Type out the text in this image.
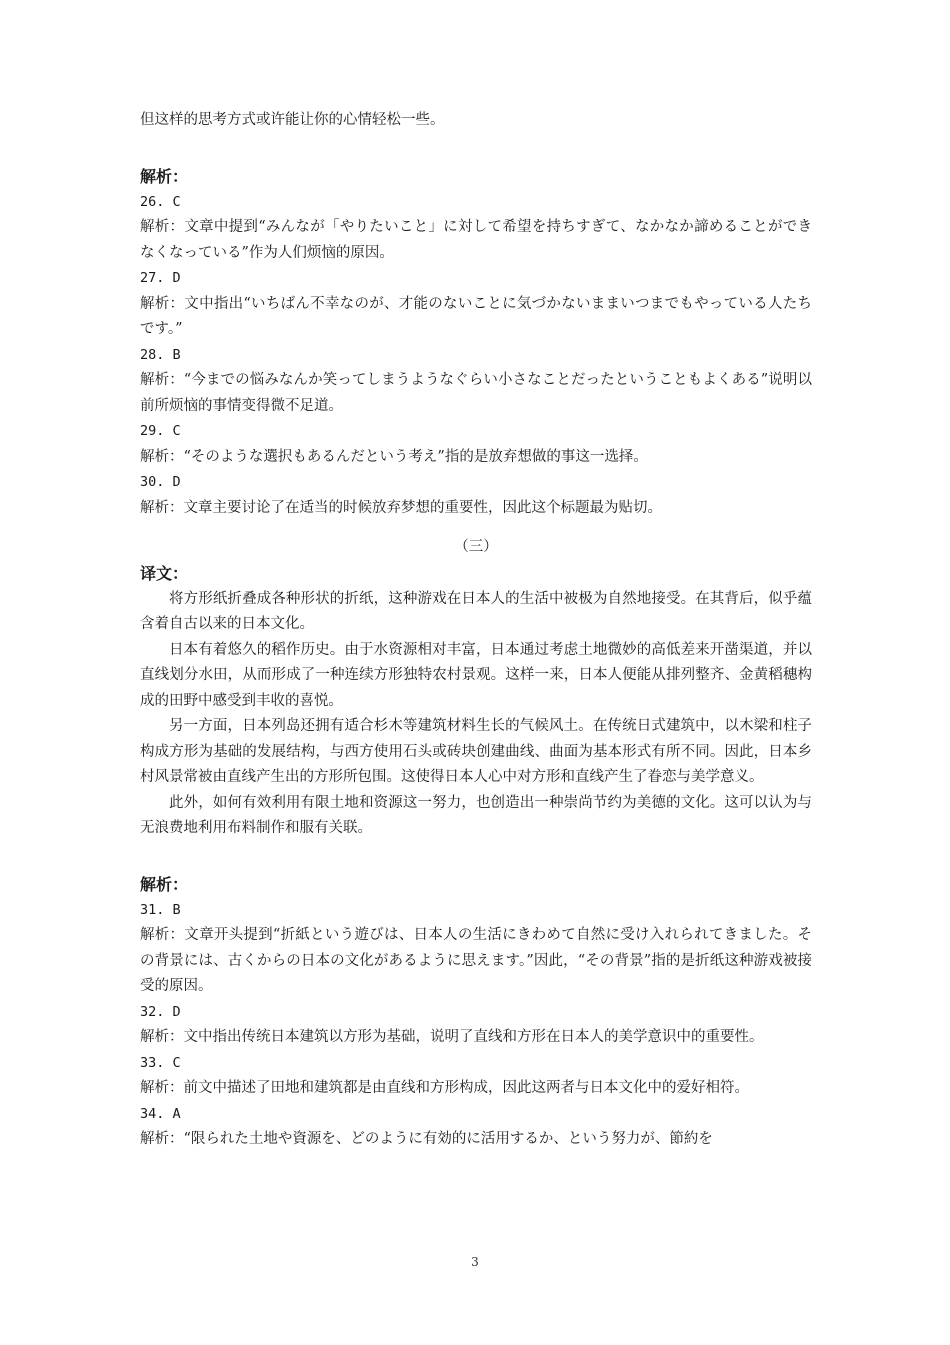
但这样的思考方式或许能让你的心情轻松一些。

解析：

26. C

解析：文章中提到“みんなが「やりたいこと」に対して希望を持ちすぎて、なかなか諦めることができなくなっている”作为人们烦恼的原因。

27. D

解析：文中指出“いちばん不幸なのが、才能のないことに気づかないままいつまでもやっている人たちです。”

28. B

解析：“今までの悩みなんか笑ってしまうようなぐらい小さなことだったということもよくある”说明以前所烦恼的事情变得微不足道。

29. C

解析：“そのような選択もあるんだという考え”指的是放弃想做的事这一选择。

30. D

解析：文章主要讨论了在适当的时候放弃梦想的重要性，因此这个标题最为贴切。

（三）

译文：

将方形纸折叠成各种形状的折纸，这种游戏在日本人的生活中被极为自然地接受。在其背后，似乎蕴含着自古以来的日本文化。

日本有着悠久的稻作历史。由于水资源相对丰富，日本通过考虑土地微妙的高低差来开凿渠道，并以直线划分水田，从而形成了一种连续方形独特农村景观。这样一来，日本人便能从排列整齐、金黄稻穗构成的田野中感受到丰收的喜悦。

另一方面，日本列岛还拥有适合杉木等建筑材料生长的气候风土。在传统日式建筑中，以木梁和柱子构成方形为基础的发展结构，与西方使用石头或砖块创建曲线、曲面为基本形式有所不同。因此，日本乡村风景常被由直线产生出的方形所包围。这使得日本人心中对方形和直线产生了眷恋与美学意义。

此外，如何有效利用有限土地和资源这一努力，也创造出一种崇尚节约为美德的文化。这可以认为与无浪费地利用布料制作和服有关联。

解析：

31. B

解析：文章开头提到“折紙という遊びは、日本人の生活にきわめて自然に受け入れられてきました。その背景には、古くからの日本の文化があるように思えます。”因此，“その背景”指的是折纸这种游戏被接受的原因。

32. D

解析：文中指出传统日本建筑以方形为基础，说明了直线和方形在日本人的美学意识中的重要性。

33. C

解析：前文中描述了田地和建筑都是由直线和方形构成，因此这两者与日本文化中的爱好相符。

34. A

解析：“限られた土地や資源を、どのように有効的に活用するか、という努力が、節約を

3
